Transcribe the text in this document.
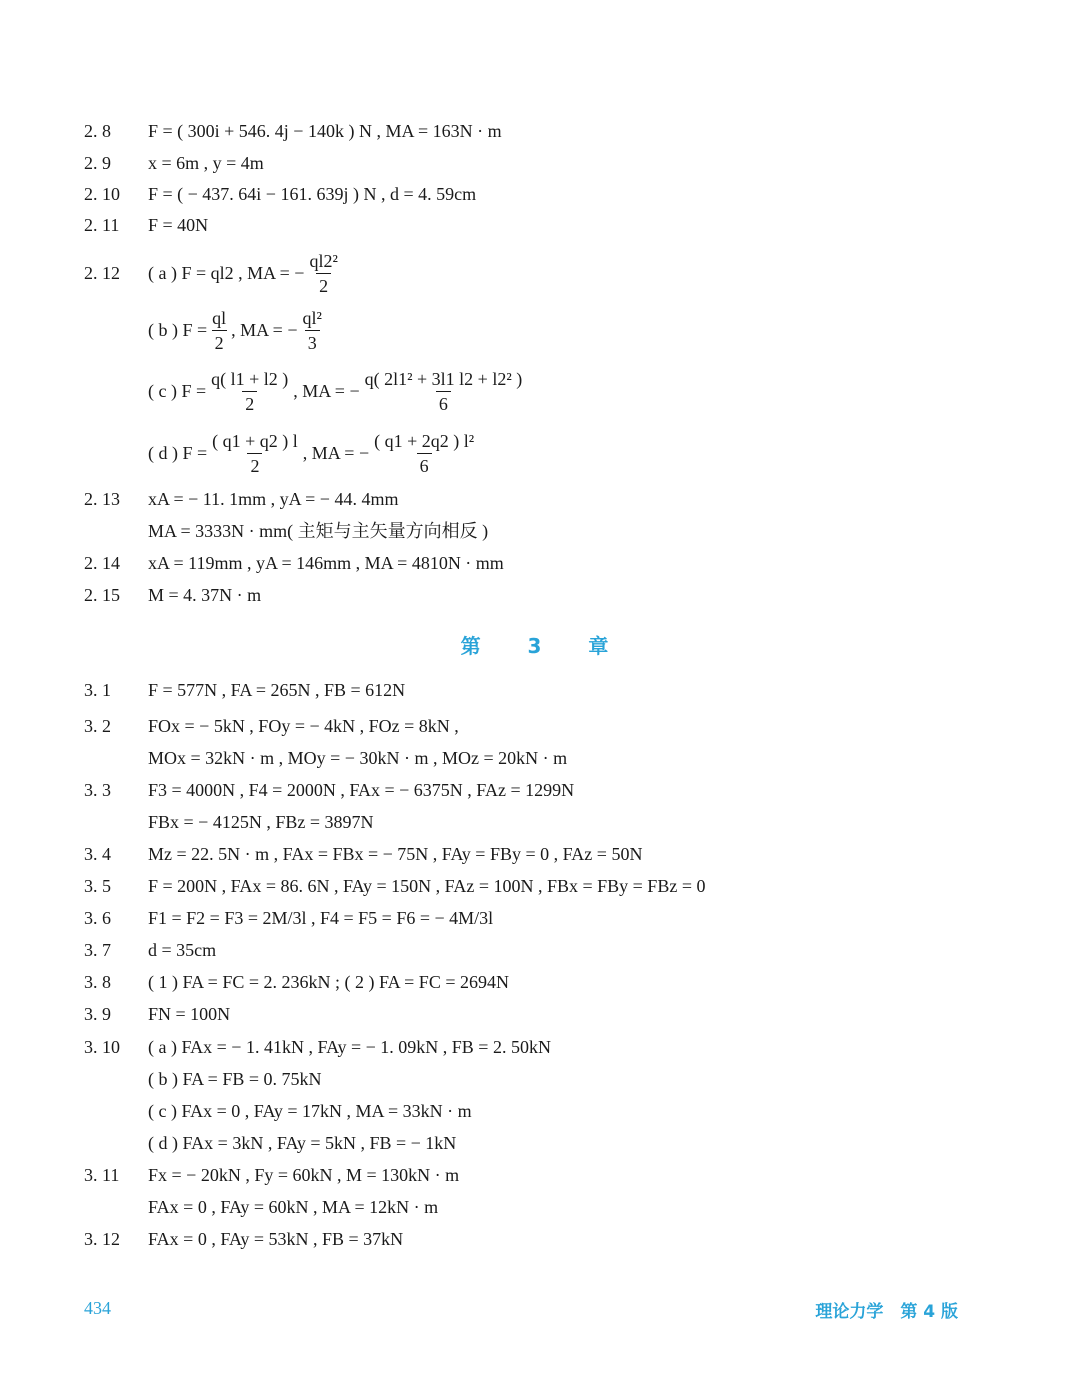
2. 8 F = ( 300i + 546. 4j − 140k ) N , MA = 163N · m
2. 9 x = 6m , y = 4m
2. 10 F = ( − 437. 64i − 161. 639j ) N , d = 4. 59cm
2. 11 F = 40N
2. 12 ( a ) F = ql2 , MA = − $\frac{\text{ql2²}}{2}$
( b ) $F = \frac{ql}{2}$ , MA = − $\frac{\text{ql²}}{3}$
( c ) $F = \frac{q( l1 + l2 )}{2}$ , MA = − $\frac{\text{q( 2l1² + 3l1 l2 + l2² )}}{6}$
( d ) $F = \frac{( q1 + q2 ) l}{2}$ , MA = − $\frac{\text{( q1 + 2q2 ) l²}}{6}$
2. 13 xA = − 11. 1mm , yA = − 44. 4mm
MA = 3333N · mm( 主矩与主矢量方向相反 )
2. 14 xA = 119mm , yA = 146mm , MA = 4810N · mm
2. 15 M = 4. 37N · m
第 3 章
3. 1 F = 577N , FA = 265N , FB = 612N
3. 2 FOx = − 5kN , FOy = − 4kN , FOz = 8kN ,
MOx = 32kN · m , MOy = − 30kN · m , MOz = 20kN · m
3. 3 F3 = 4000N , F4 = 2000N , FAx = − 6375N , FAz = 1299N
FBx = − 4125N , FBz = 3897N
3. 4 Mz = 22. 5N · m , FAx = FBx = − 75N , FAy = FBy = 0 , FAz = 50N
3. 5 F = 200N , FAx = 86. 6N , FAy = 150N , FAz = 100N , FBx = FBy = FBz = 0
3. 6 F1 = F2 = F3 = 2M/3l , F4 = F5 = F6 = − 4M/3l
3. 7 d = 35cm
3. 8 ( 1 ) FA = FC = 2. 236kN ; ( 2 ) FA = FC = 2694N
3. 9 FN = 100N
3. 10 ( a ) FAx = − 1. 41kN , FAy = − 1. 09kN , FB = 2. 50kN
( b ) FA = FB = 0. 75kN
( c ) FAx = 0 , FAy = 17kN , MA = 33kN · m
( d ) FAx = 3kN , FAy = 5kN , FB = − 1kN
3. 11 Fx = − 20kN , Fy = 60kN , M = 130kN · m
FAx = 0 , FAy = 60kN , MA = 12kN · m
3. 12 FAx = 0 , FAy = 53kN , FB = 37kN
434	理论力学　第 4 版
